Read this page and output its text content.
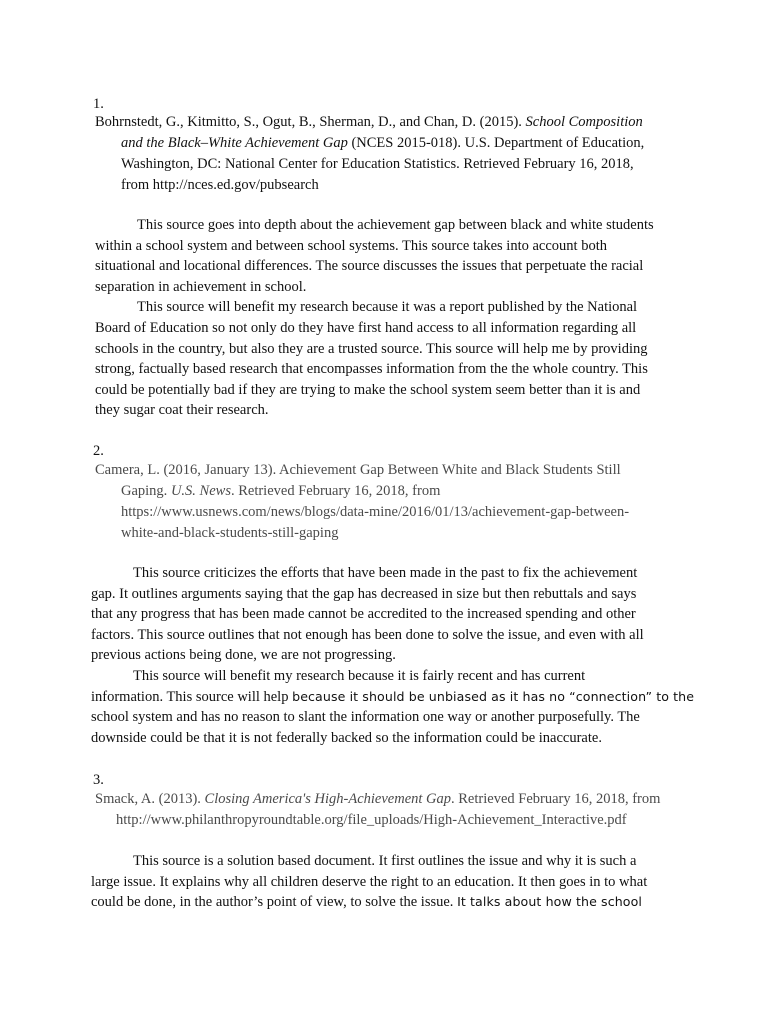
1.
Bohrnstedt, G., Kitmitto, S., Ogut, B., Sherman, D., and Chan, D. (2015). School Composition
and the Black–White Achievement Gap (NCES 2015-018). U.S. Department of Education,
Washington, DC: National Center for Education Statistics. Retrieved February 16, 2018,
from http://nces.ed.gov/pubsearch
This source goes into depth about the achievement gap between black and white students
within a school system and between school systems. This source takes into account both
situational and locational differences. The source discusses the issues that perpetuate the racial
separation in achievement in school.
This source will benefit my research because it was a report published by the National
Board of Education so not only do they have first hand access to all information regarding all
schools in the country, but also they are a trusted source. This source will help me by providing
strong, factually based research that encompasses information from the the whole country. This
could be potentially bad if they are trying to make the school system seem better than it is and
they sugar coat their research.
2.
Camera, L. (2016, January 13). Achievement Gap Between White and Black Students Still
Gaping. U.S. News. Retrieved February 16, 2018, from
https://www.usnews.com/news/blogs/data-mine/2016/01/13/achievement-gap-between-
white-and-black-students-still-gaping
This source criticizes the efforts that have been made in the past to fix the achievement
gap. It outlines arguments saying that the gap has decreased in size but then rebuttals and says
that any progress that has been made cannot be accredited to the increased spending and other
factors. This source outlines that not enough has been done to solve the issue, and even with all
previous actions being done, we are not progressing.
This source will benefit my research because it is fairly recent and has current
information. This source will help because it should be unbiased as it has no “connection” to the
school system and has no reason to slant the information one way or another purposefully. The
downside could be that it is not federally backed so the information could be inaccurate.
3.
Smack, A. (2013). Closing America's High-Achievement Gap. Retrieved February 16, 2018, from
http://www.philanthropyroundtable.org/file_uploads/High-Achievement_Interactive.pdf
This source is a solution based document. It first outlines the issue and why it is such a
large issue. It explains why all children deserve the right to an education. It then goes in to what
could be done, in the author’s point of view, to solve the issue. It talks about how the school
